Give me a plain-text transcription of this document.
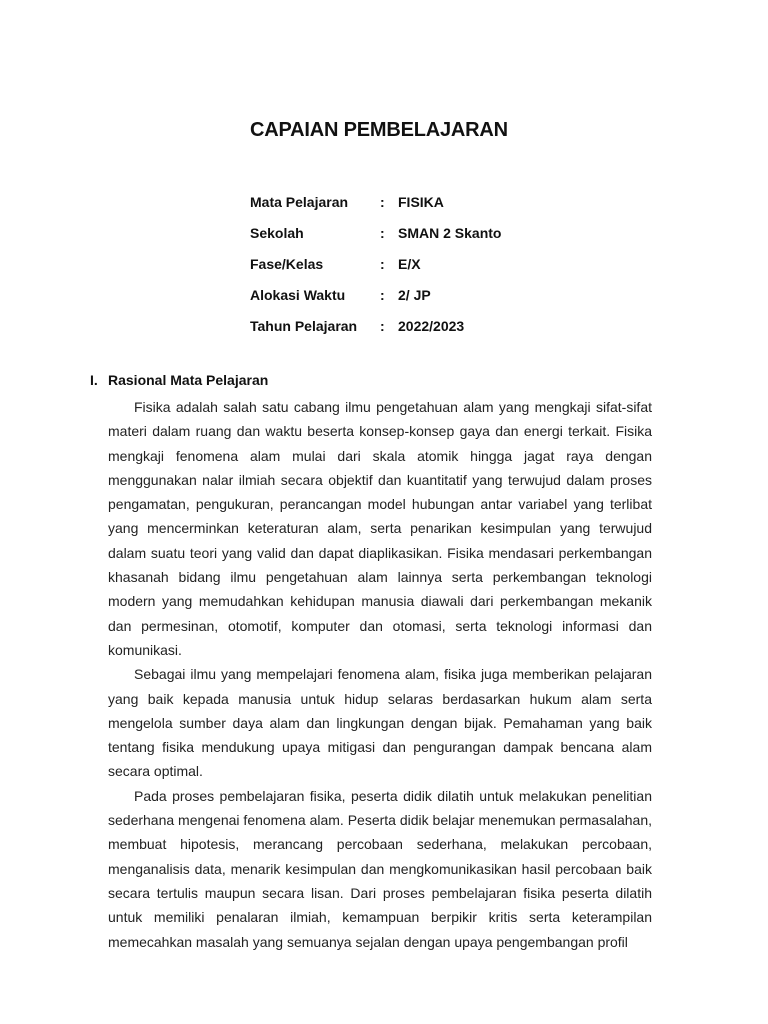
CAPAIAN PEMBELAJARAN
Mata Pelajaran	: FISIKA
Sekolah	: SMAN 2 Skanto
Fase/Kelas	: E/X
Alokasi Waktu	: 2/ JP
Tahun Pelajaran	: 2022/2023
I. Rasional Mata Pelajaran

Fisika adalah salah satu cabang ilmu pengetahuan alam yang mengkaji sifat-sifat materi dalam ruang dan waktu beserta konsep-konsep gaya dan energi terkait. Fisika mengkaji fenomena alam mulai dari skala atomik hingga jagat raya dengan menggunakan nalar ilmiah secara objektif dan kuantitatif yang terwujud dalam proses pengamatan, pengukuran, perancangan model hubungan antar variabel yang terlibat yang mencerminkan keteraturan alam, serta penarikan kesimpulan yang terwujud dalam suatu teori yang valid dan dapat diaplikasikan. Fisika mendasari perkembangan khasanah bidang ilmu pengetahuan alam lainnya serta perkembangan teknologi modern yang memudahkan kehidupan manusia diawali dari perkembangan mekanik dan permesinan, otomotif, komputer dan otomasi, serta teknologi informasi dan komunikasi.

Sebagai ilmu yang mempelajari fenomena alam, fisika juga memberikan pelajaran yang baik kepada manusia untuk hidup selaras berdasarkan hukum alam serta mengelola sumber daya alam dan lingkungan dengan bijak. Pemahaman yang baik tentang fisika mendukung upaya mitigasi dan pengurangan dampak bencana alam secara optimal.

Pada proses pembelajaran fisika, peserta didik dilatih untuk melakukan penelitian sederhana mengenai fenomena alam. Peserta didik belajar menemukan permasalahan, membuat hipotesis, merancang percobaan sederhana, melakukan percobaan, menganalisis data, menarik kesimpulan dan mengkomunikasikan hasil percobaan baik secara tertulis maupun secara lisan. Dari proses pembelajaran fisika peserta dilatih untuk memiliki penalaran ilmiah, kemampuan berpikir kritis serta keterampilan memecahkan masalah yang semuanya sejalan dengan upaya pengembangan profil
